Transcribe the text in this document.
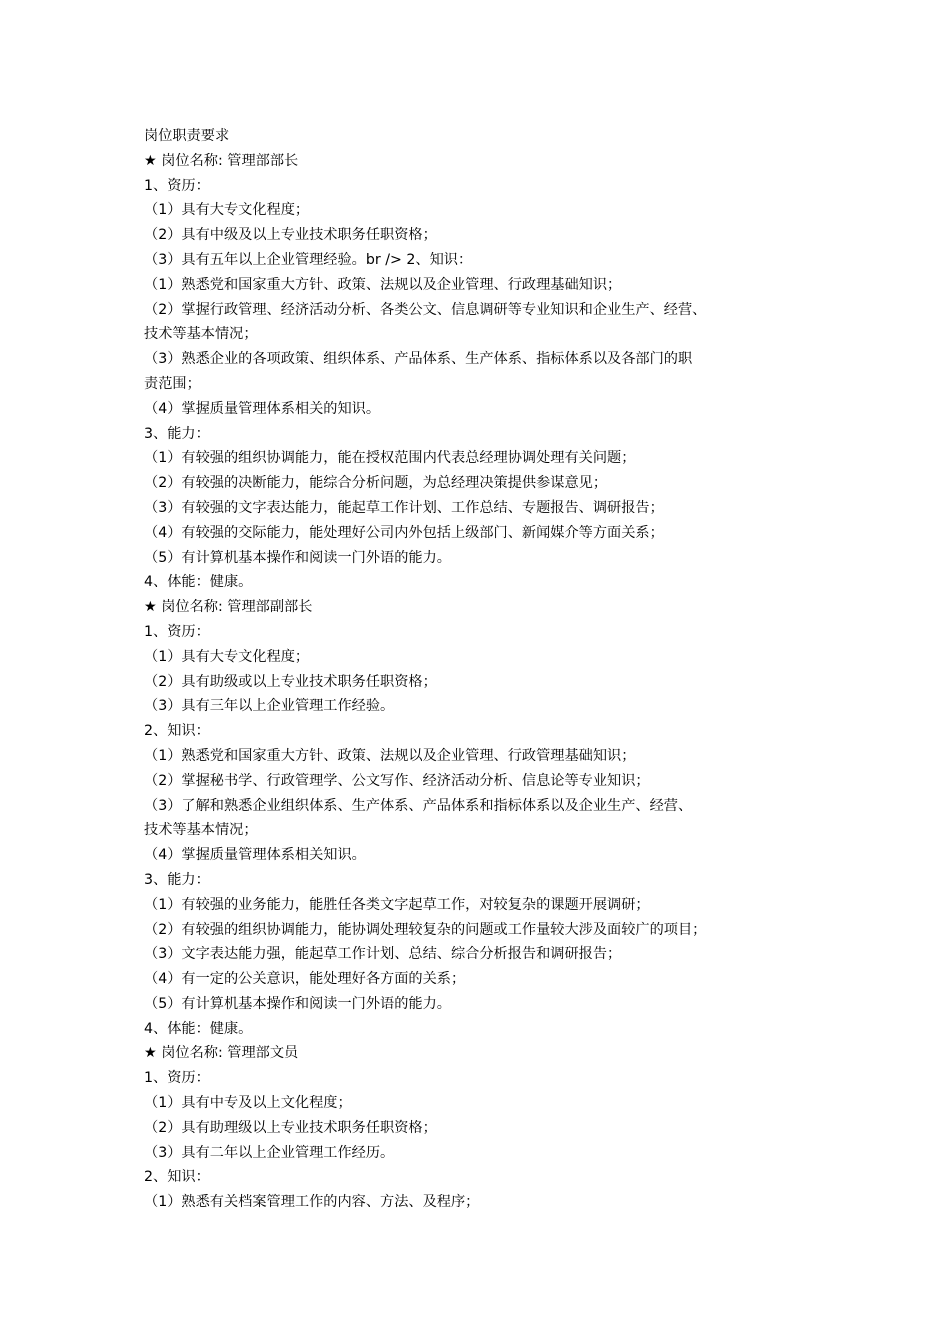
岗位职责要求

★ 岗位名称: 管理部部长

1、资历：

（1）具有大专文化程度；

（2）具有中级及以上专业技术职务任职资格；

（3）具有五年以上企业管理经验。br /> 2、知识：

（1）熟悉党和国家重大方针、政策、法规以及企业管理、行政理基础知识；

（2）掌握行政管理、经济活动分析、各类公文、信息调研等专业知识和企业生产、经营、

技术等基本情况；

（3）熟悉企业的各项政策、组织体系、产品体系、生产体系、指标体系以及各部门的职

责范围；

（4）掌握质量管理体系相关的知识。

3、能力：

（1）有较强的组织协调能力，能在授权范围内代表总经理协调处理有关问题；

（2）有较强的决断能力，能综合分析问题，为总经理决策提供参谋意见；

（3）有较强的文字表达能力，能起草工作计划、工作总结、专题报告、调研报告；

（4）有较强的交际能力，能处理好公司内外包括上级部门、新闻媒介等方面关系；

（5）有计算机基本操作和阅读一门外语的能力。

4、体能：健康。

★ 岗位名称: 管理部副部长

1、资历：

（1）具有大专文化程度；

（2）具有助级或以上专业技术职务任职资格；

（3）具有三年以上企业管理工作经验。

2、知识：

（1）熟悉党和国家重大方针、政策、法规以及企业管理、行政管理基础知识；

（2）掌握秘书学、行政管理学、公文写作、经济活动分析、信息论等专业知识；

（3）了解和熟悉企业组织体系、生产体系、产品体系和指标体系以及企业生产、经营、

技术等基本情况；

（4）掌握质量管理体系相关知识。

3、能力：

（1）有较强的业务能力，能胜任各类文字起草工作，对较复杂的课题开展调研；

（2）有较强的组织协调能力，能协调处理较复杂的问题或工作量较大涉及面较广的项目；

（3）文字表达能力强，能起草工作计划、总结、综合分析报告和调研报告；

（4）有一定的公关意识，能处理好各方面的关系；

（5）有计算机基本操作和阅读一门外语的能力。

4、体能：健康。

★ 岗位名称: 管理部文员

1、资历：

（1）具有中专及以上文化程度；

（2）具有助理级以上专业技术职务任职资格；

（3）具有二年以上企业管理工作经历。

2、知识：

（1）熟悉有关档案管理工作的内容、方法、及程序；
